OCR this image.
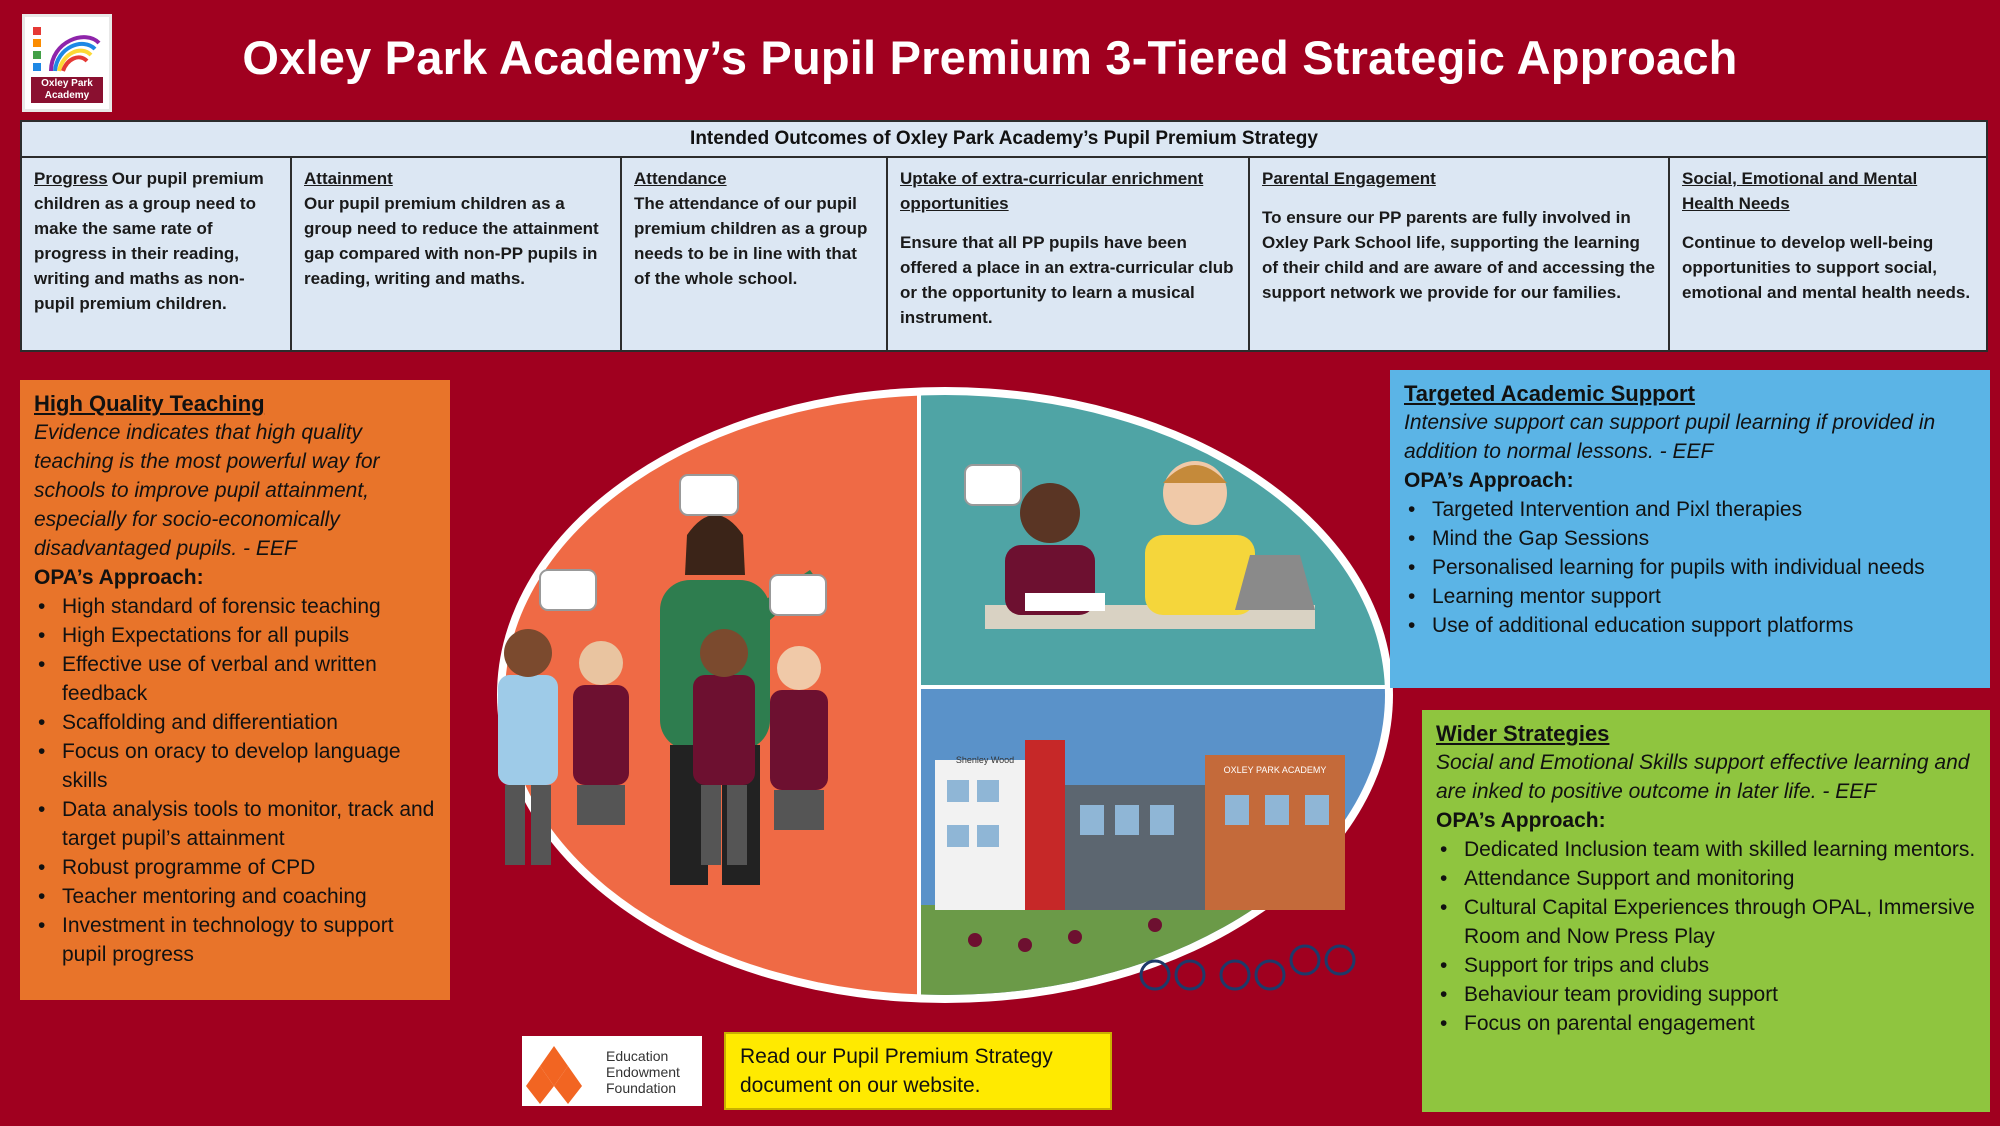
Oxley Park Academy
Oxley Park Academy’s Pupil Premium 3-Tiered Strategic Approach
Intended Outcomes of Oxley Park Academy’s Pupil Premium Strategy
Progress Our pupil premium children as a group need to make the same rate of progress in their reading, writing and maths as non-pupil premium children.
Attainment
Our pupil premium children as a group need to reduce the attainment gap compared with non-PP pupils in reading, writing and maths.
Attendance
The attendance of our pupil premium children as a group needs to be in line with that of the whole school.
Uptake of extra-curricular enrichment opportunities
Ensure that all PP pupils have been offered a place in an extra-curricular club or the opportunity to learn a musical instrument.
Parental Engagement
To ensure our PP parents are fully involved in Oxley Park School life, supporting the learning of their child and are aware of and accessing the support network we provide for our families.
Social, Emotional and Mental Health Needs
Continue to develop well-being opportunities to support social, emotional and mental health needs.
High Quality Teaching
Evidence indicates that high quality teaching is the most powerful way for schools to improve pupil attainment, especially for socio-economically disadvantaged pupils. - EEF
OPA’s Approach:
• High standard of forensic teaching
• High Expectations for all pupils
• Effective use of verbal and written feedback
• Scaffolding and differentiation
• Focus on oracy to develop language skills
• Data analysis tools to monitor, track and target pupil’s attainment
• Robust programme of CPD
• Teacher mentoring and coaching
• Investment in technology to support pupil progress
Shenley Wood
OXLEY PARK ACADEMY
Targeted Academic Support
Intensive support can support pupil learning if provided in addition to normal lessons. - EEF
OPA’s Approach:
• Targeted Intervention and Pixl therapies
• Mind the Gap Sessions
• Personalised learning for pupils with individual needs
• Learning mentor support
• Use of additional education support platforms
Wider Strategies
Social and Emotional Skills support effective learning and are inked to positive outcome in later life. - EEF
OPA’s Approach:
• Dedicated Inclusion team with skilled learning mentors.
• Attendance Support and monitoring
• Cultural Capital Experiences through OPAL, Immersive Room and Now Press Play
• Support for trips and clubs
• Behaviour team providing support
• Focus on parental engagement
Education
Endowment
Foundation
Read our Pupil Premium Strategy document on our website.
